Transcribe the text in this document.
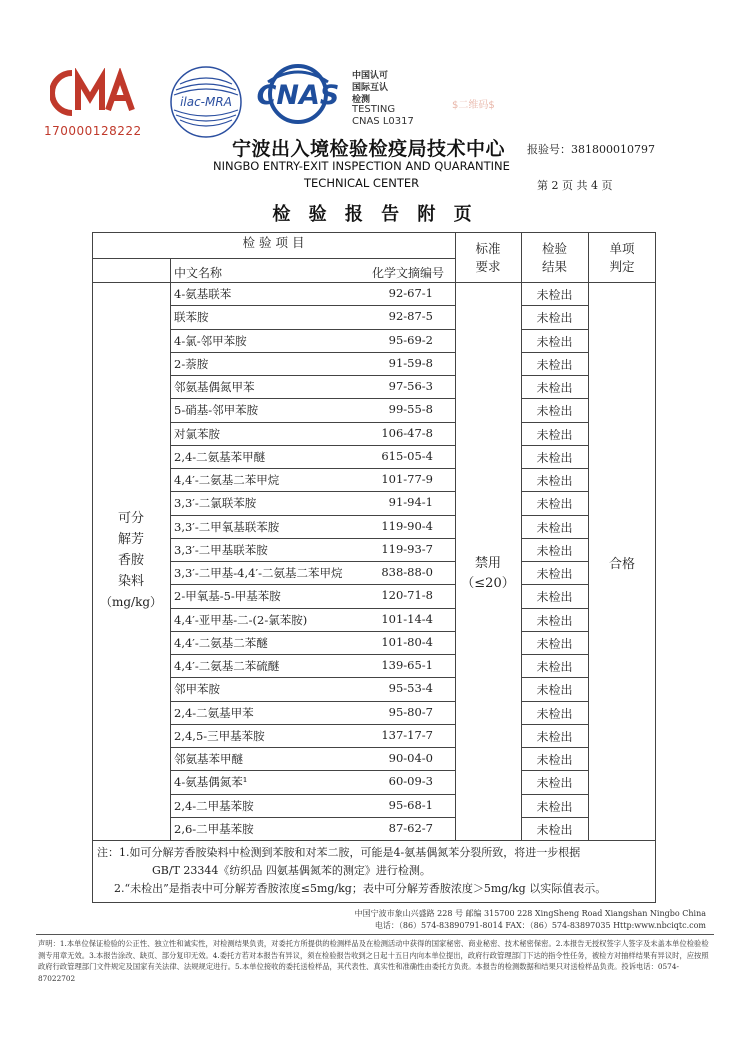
170000128222
ilac-MRA CNAS
中国认可
国际互认
检测
TESTING
CNAS L0317
$二维码$
宁波出入境检验检疫局技术中心
NINGBO ENTRY-EXIT INSPECTION AND QUARANTINE
TECHNICAL CENTER
报验号：381800010797
第 2 页 共 4 页
检 验 报 告 附 页
检 验 项 目
中文名称	化学文摘编号
标准
要求
检验
结果
单项
判定
可分
解芳
香胺
染料
（mg/kg）
禁用
（≤20）
合格
4-氨基联苯	92-67-1	未检出
联苯胺	92-87-5	未检出
4-氯-邻甲苯胺	95-69-2	未检出
2-萘胺	91-59-8	未检出
邻氨基偶氮甲苯	97-56-3	未检出
5-硝基-邻甲苯胺	99-55-8	未检出
对氯苯胺	106-47-8	未检出
2,4-二氨基苯甲醚	615-05-4	未检出
4,4′-二氨基二苯甲烷	101-77-9	未检出
3,3′-二氯联苯胺	91-94-1	未检出
3,3′-二甲氧基联苯胺	119-90-4	未检出
3,3′-二甲基联苯胺	119-93-7	未检出
3,3′-二甲基-4,4′-二氨基二苯甲烷	838-88-0	未检出
2-甲氧基-5-甲基苯胺	120-71-8	未检出
4,4′-亚甲基-二-(2-氯苯胺)	101-14-4	未检出
4,4′-二氨基二苯醚	101-80-4	未检出
4,4′-二氨基二苯硫醚	139-65-1	未检出
邻甲苯胺	95-53-4	未检出
2,4-二氨基甲苯	95-80-7	未检出
2,4,5-三甲基苯胺	137-17-7	未检出
邻氨基苯甲醚	90-04-0	未检出
4-氨基偶氮苯¹	60-09-3	未检出
2,4-二甲基苯胺	95-68-1	未检出
2,6-二甲基苯胺	87-62-7	未检出
注：1.如可分解芳香胺染料中检测到苯胺和对苯二胺，可能是4-氨基偶氮苯分裂所致，将进一步根据
GB/T 23344《纺织品 四氨基偶氮苯的测定》进行检测。
2.“未检出”是指表中可分解芳香胺浓度≤5mg/kg；表中可分解芳香胺浓度＞5mg/kg 以实际值表示。
中国宁波市象山兴盛路 228 号 邮编 315700 228 XingSheng Road Xiangshan Ningbo China
电话：（86）574-83890791-8014 FAX：（86）574-83897035 Http:www.nbciqtc.com
声明：1.本单位保证检验的公正性、独立性和诚实性，对检测结果负责，对委托方所提供的检测样品及在检测活动中获得的国家秘密、商业秘密、技术秘密保密。2.本报告无授权签字人签字及未盖本单位检验检测专用章无效。3.本报告涂改、缺页、部分复印无效。4.委托方若对本报告有异议，须在检验报告收到之日起十五日内向本单位提出，政府行政管理部门下达的指令性任务，被检方对抽样结果有异议时，应按照政府行政管理部门文件规定及国家有关法律、法规规定进行。5.本单位接收的委托送检样品，其代表性、真实性和准确性由委托方负责。本报告的检测数据和结果只对送检样品负责。投诉电话：0574-87022702
